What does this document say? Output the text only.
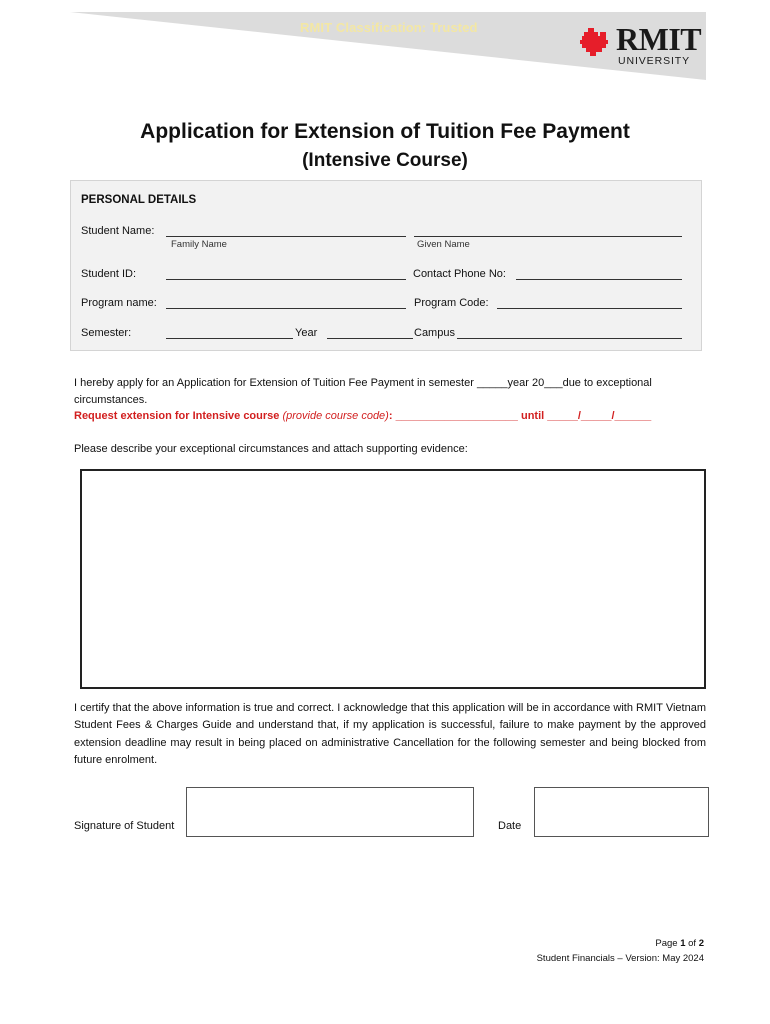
RMIT Classification: Trusted	RMIT
UNIVERSITY
Application for Extension of Tuition Fee Payment
(Intensive Course)
PERSONAL DETAILS
Student Name:
Family Name	Given Name
Student ID:	Contact Phone No:
Program name:	Program Code:
Semester:	Year	Campus
I hereby apply for an Application for Extension of Tuition Fee Payment in semester _____year 20___due to exceptional
circumstances.
Request extension for Intensive course (provide course code): ____________________ until _____/_____/______
Please describe your exceptional circumstances and attach supporting evidence:
I certify that the above information is true and correct. I acknowledge that this application will be in accordance with RMIT Vietnam Student Fees & Charges Guide and understand that, if my application is successful, failure to make payment by the approved extension deadline may result in being placed on administrative Cancellation for the following semester and being blocked from future enrolment.
Signature of Student	Date
Page 1 of 2
Student Financials – Version: May 2024
